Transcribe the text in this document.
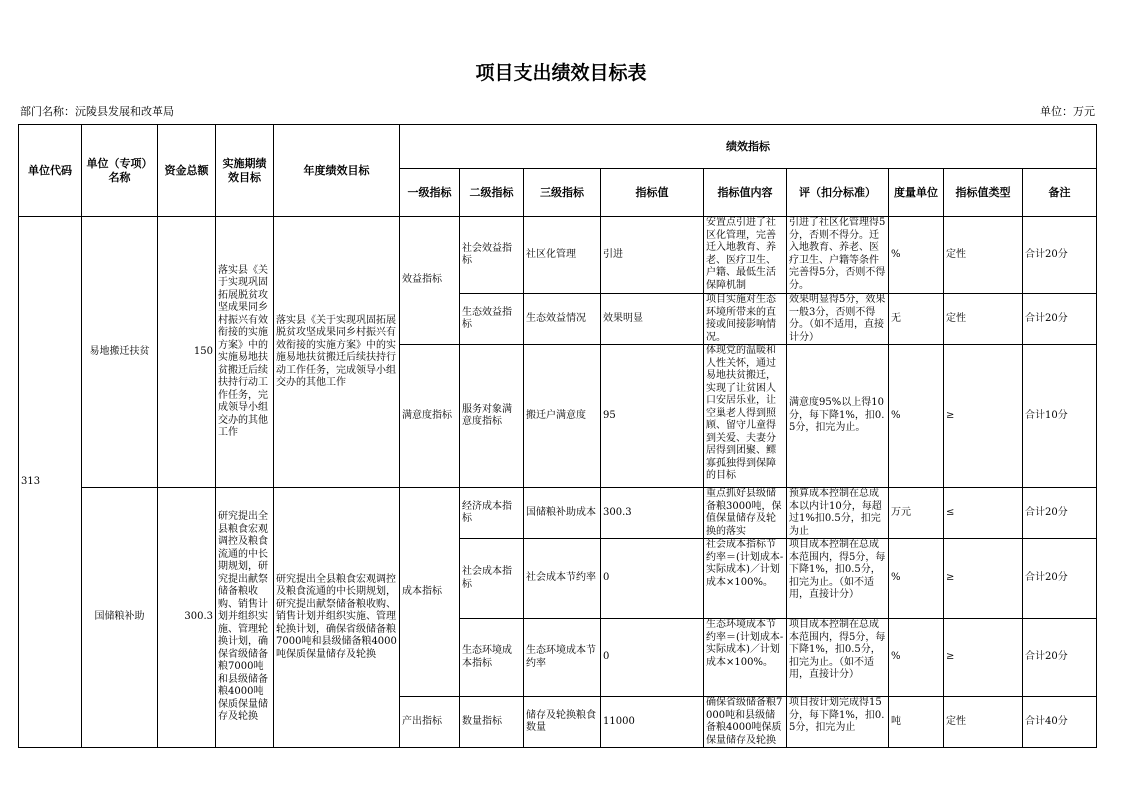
项目支出绩效目标表
部门名称：沅陵县发展和改革局	单位：万元
单位代码	单位（专项）名称	资金总额	实施期绩效目标	年度绩效目标	绩效指标								
					一级指标	二级指标	三级指标	指标值	指标值内容	评（扣分标准）	度量单位	指标值类型	备注
313	易地搬迁扶贫	150	落实县《关于实现巩固拓展脱贫攻坚成果同乡村振兴有效衔接的实施方案》中的实施易地扶贫搬迁后续扶持行动工作任务，完成领导小组交办的其他工作	落实县《关于实现巩固拓展脱贫攻坚成果同乡村振兴有效衔接的实施方案》中的实施易地扶贫搬迁后续扶持行动工作任务，完成领导小组交办的其他工作	效益指标	社会效益指标	社区化管理	引进	安置点引进了社区化管理，完善迁入地教育、养老、医疗卫生、户籍、最低生活保障机制	引进了社区化管理得5分，否则不得分。迁入地教育、养老、医疗卫生、户籍等条件完善得5分，否则不得分。	%	定性	合计20分
						生态效益指标	生态效益情况	效果明显	项目实施对生态环境所带来的直接或间接影响情况。	效果明显得5分，效果一般3分，否则不得分。（如不适用，直接计分）	无	定性	合计20分
					满意度指标	服务对象满意度指标	搬迁户满意度	95	体现党的温暖和人性关怀，通过易地扶贫搬迁，实现了让贫困人口安居乐业，让空巢老人得到照顾、留守儿童得到关爱、夫妻分居得到团聚、鳏寡孤独得到保障的目标	满意度95%以上得10分，每下降1%，扣0.5分，扣完为止。	%	≥	合计10分
	国储粮补助	300.3	研究提出全县粮食宏观调控及粮食流通的中长期规划，研究提出献祭储备粮收购、销售计划并组织实施、管理轮换计划，确保省级储备粮7000吨和县级储备粮4000吨保质保量储存及轮换	研究提出全县粮食宏观调控及粮食流通的中长期规划，研究提出献祭储备粮收购、销售计划并组织实施、管理轮换计划，确保省级储备粮7000吨和县级储备粮4000吨保质保量储存及轮换	成本指标	经济成本指标	国储粮补助成本	300.3	重点抓好县级储备粮3000吨，保值保量储存及轮换的落实	预算成本控制在总成本以内计10分，每超过1%扣0.5分，扣完为止	万元	≤	合计20分
						社会成本指标	社会成本节约率	0	社会成本指标节约率＝(计划成本-实际成本)／计划成本×100%。	项目成本控制在总成本范围内，得5分，每下降1%，扣0.5分，扣完为止。（如不适用，直接计分）	%	≥	合计20分
						生态环境成本指标	生态环境成本节约率	0	生态环境成本节约率＝(计划成本-实际成本)／计划成本×100%。	项目成本控制在总成本范围内，得5分，每下降1%，扣0.5分，扣完为止。（如不适用，直接计分）	%	≥	合计20分
					产出指标	数量指标	储存及轮换粮食数量	11000	确保省级储备粮7000吨和县级储备粮4000吨保质保量储存及轮换	项目按计划完成得15分，每下降1%，扣0.5分，扣完为止	吨	定性	合计40分
